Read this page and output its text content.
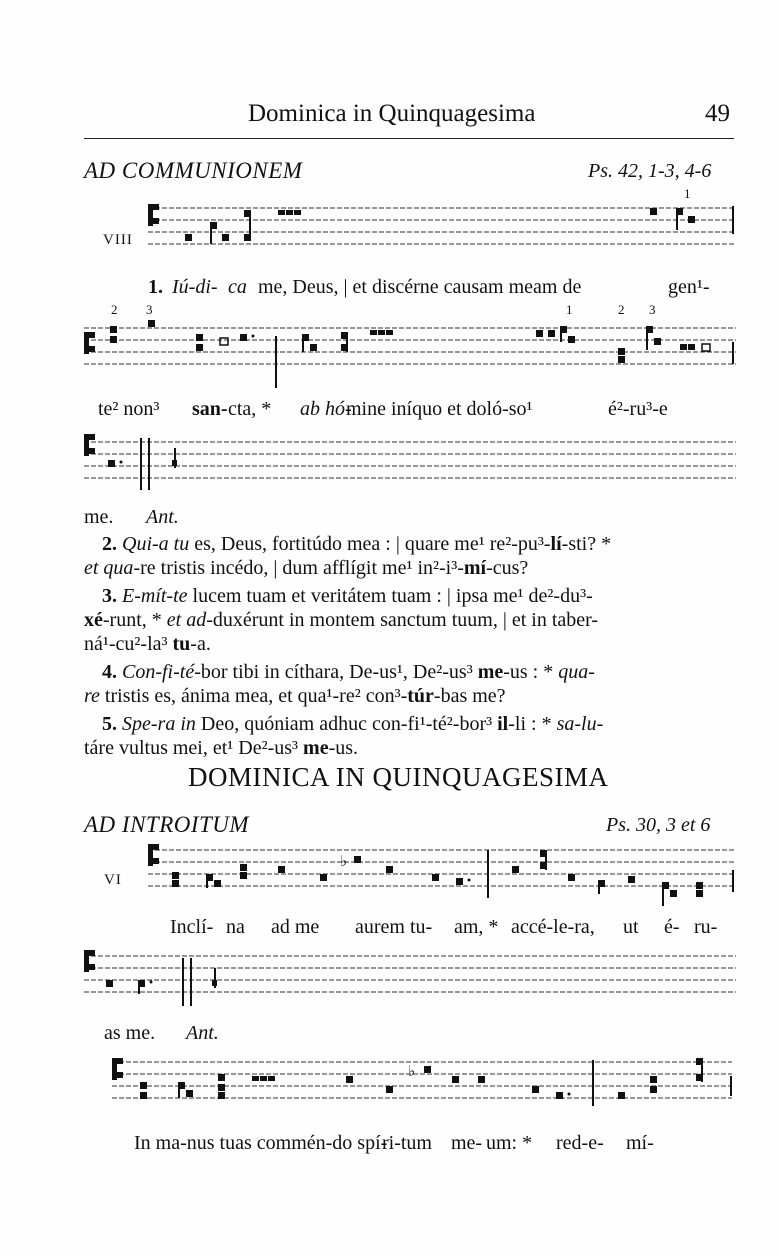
Dominica in Quinquagesima	49
AD COMMUNIONEM	Ps. 42, 1-3, 4-6
VIII
1
1. Iú-di- ca me, Deus, | et discérne causam meam de	gen¹-
2 3	1	2 3
te² non³ san- cta, * ab hó-
mine iníquo et doló-so¹	é²-ru³-e
me. Ant.
2. Qui-a tu es, Deus, fortitúdo mea : | quare me¹ re²-pu³-lí-sti? *
et qua-re tristis incédo, | dum afflígit me¹ in²-i³-mí-cus?
3. E-mít-te lucem tuam et veritátem tuam : | ipsa me¹ de²-du³-
xé-runt, * et ad-duxérunt in montem sanctum tuum, | et in taber-
ná¹-cu²-la³ tu-a.
4. Con-fi-té-bor tibi in cíthara, De-us¹, De²-us³ me-us : * qua-
re tristis es, ánima mea, et qua¹-re² con³-túr-bas me?
5. Spe-ra in Deo, quóniam adhuc con-fi¹-té²-bor³ il-li : * sa-lu-
táre vultus mei, et¹ De²-us³ me-us.
DOMINICA IN QUINQUAGESIMA
AD INTROITUM	Ps. 30, 3 et 6
VI
♭
Inclí- na ad me aurem tu- am, * accé-le-ra, ut é- ru-
as me. Ant.
♭
In ma-nus tuas commén-do spí-
ri-tum me- um: * red-e- mí-
